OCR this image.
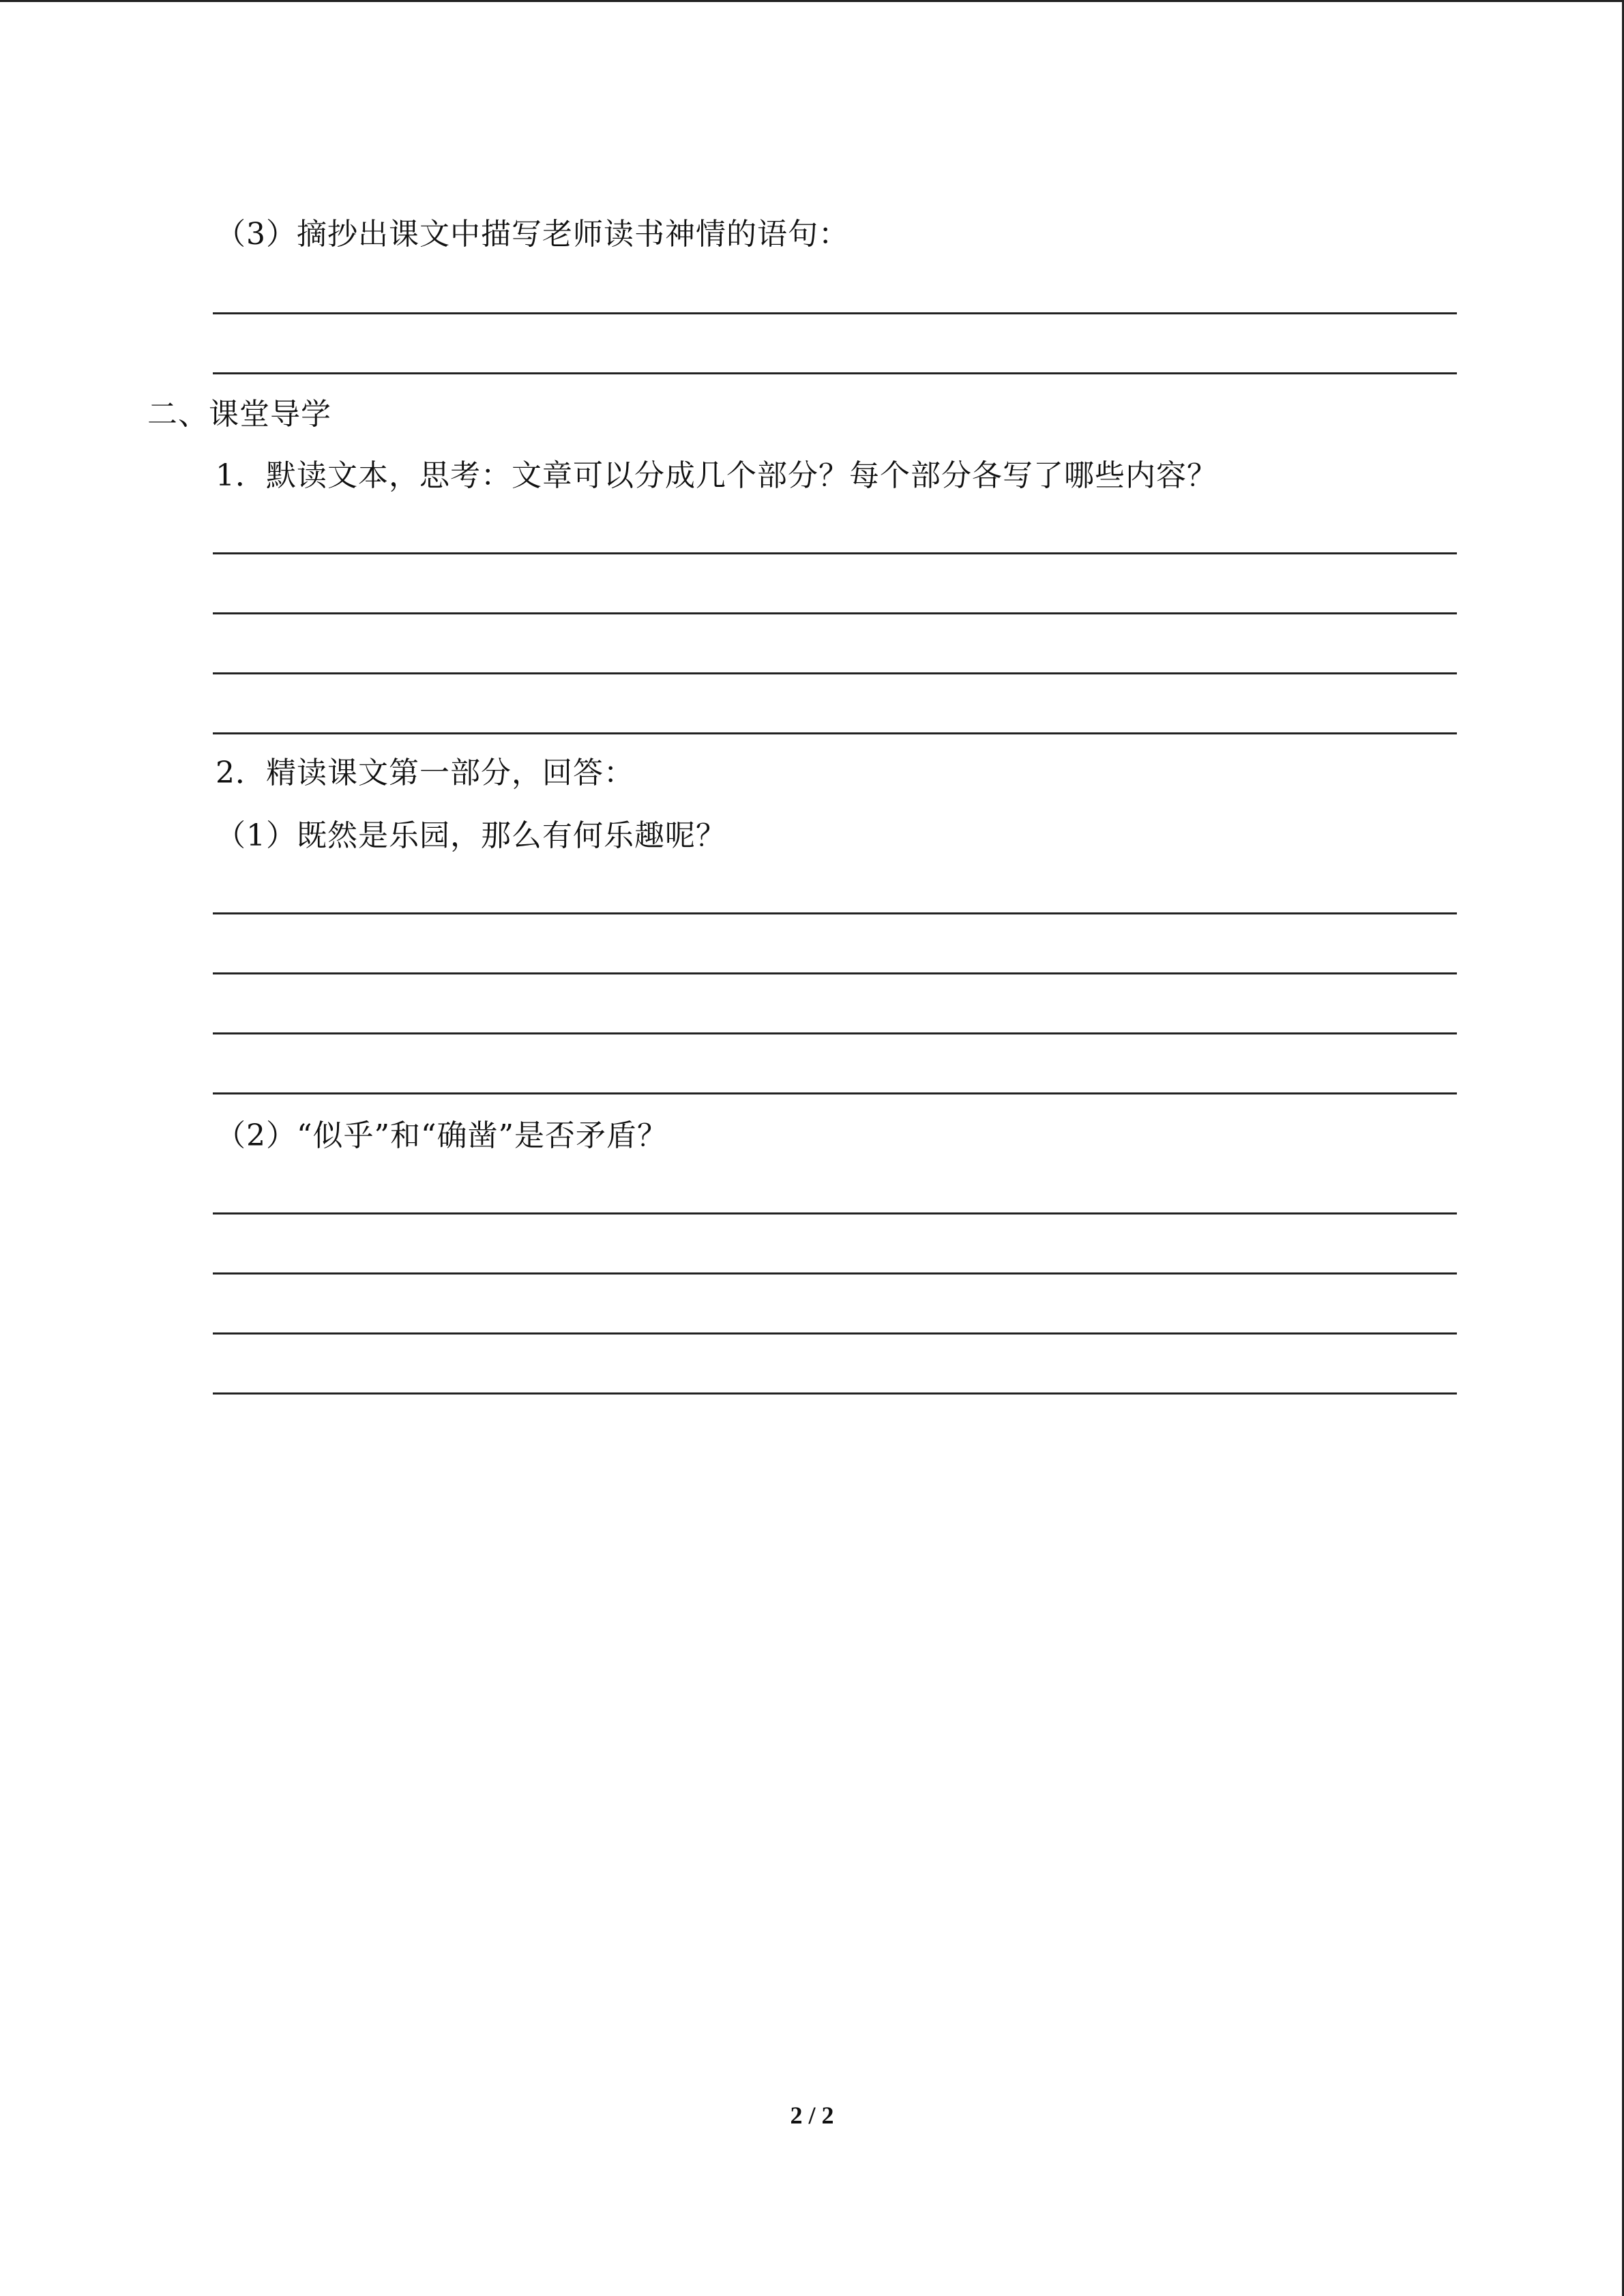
（3）摘抄出课文中描写老师读书神情的语句：
二、课堂导学
1．默读文本，思考：文章可以分成几个部分？每个部分各写了哪些内容？
2．精读课文第一部分，回答：
（1）既然是乐园，那么有何乐趣呢？
（2）“似乎”和“确凿”是否矛盾？
2 / 2
